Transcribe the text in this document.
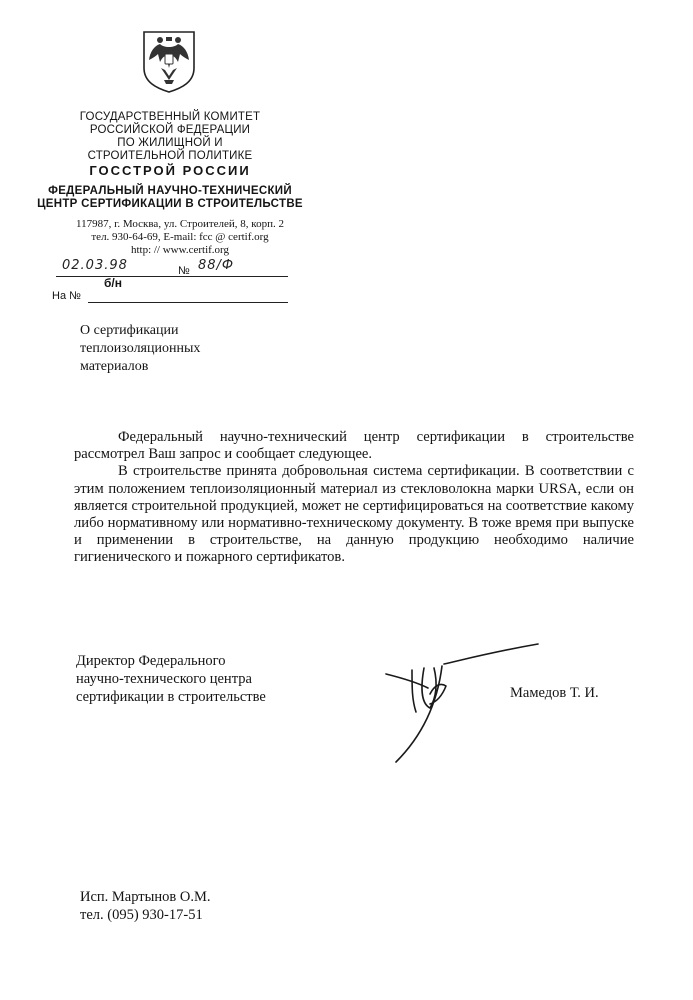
ГОСУДАРСТВЕННЫЙ КОМИТЕТ
РОССИЙСКОЙ ФЕДЕРАЦИИ
ПО ЖИЛИЩНОЙ И
СТРОИТЕЛЬНОЙ ПОЛИТИКЕ
ГОССТРОЙ РОССИИ
ФЕДЕРАЛЬНЫЙ НАУЧНО-ТЕХНИЧЕСКИЙ
ЦЕНТР СЕРТИФИКАЦИИ В СТРОИТЕЛЬСТВЕ
117987, г. Москва, ул. Строителей, 8, корп. 2
тел. 930-64-69, E-mail: fcc @ certif.org
http: // www.certif.org
02.03.98	№ 88/Ф
б/н
На №
О сертификации
теплоизоляционных
материалов

Федеральный научно-технический центр сертификации в строительстве рассмотрел Ваш запрос и сообщает следующее.

В строительстве принята добровольная система сертификации. В соответствии с этим положением теплоизоляционный материал из стекловолокна марки URSA, если он является строительной продукцией, может не сертифицироваться на соответствие какому либо нормативному или нормативно-техническому документу. В тоже время при выпуске и применении в строительстве, на данную продукцию необходимо наличие гигиенического и пожарного сертификатов.

Директор Федерального
научно-технического центра
сертификации в строительстве	Мамедов Т. И.
Исп. Мартынов О.М.
тел. (095) 930-17-51
